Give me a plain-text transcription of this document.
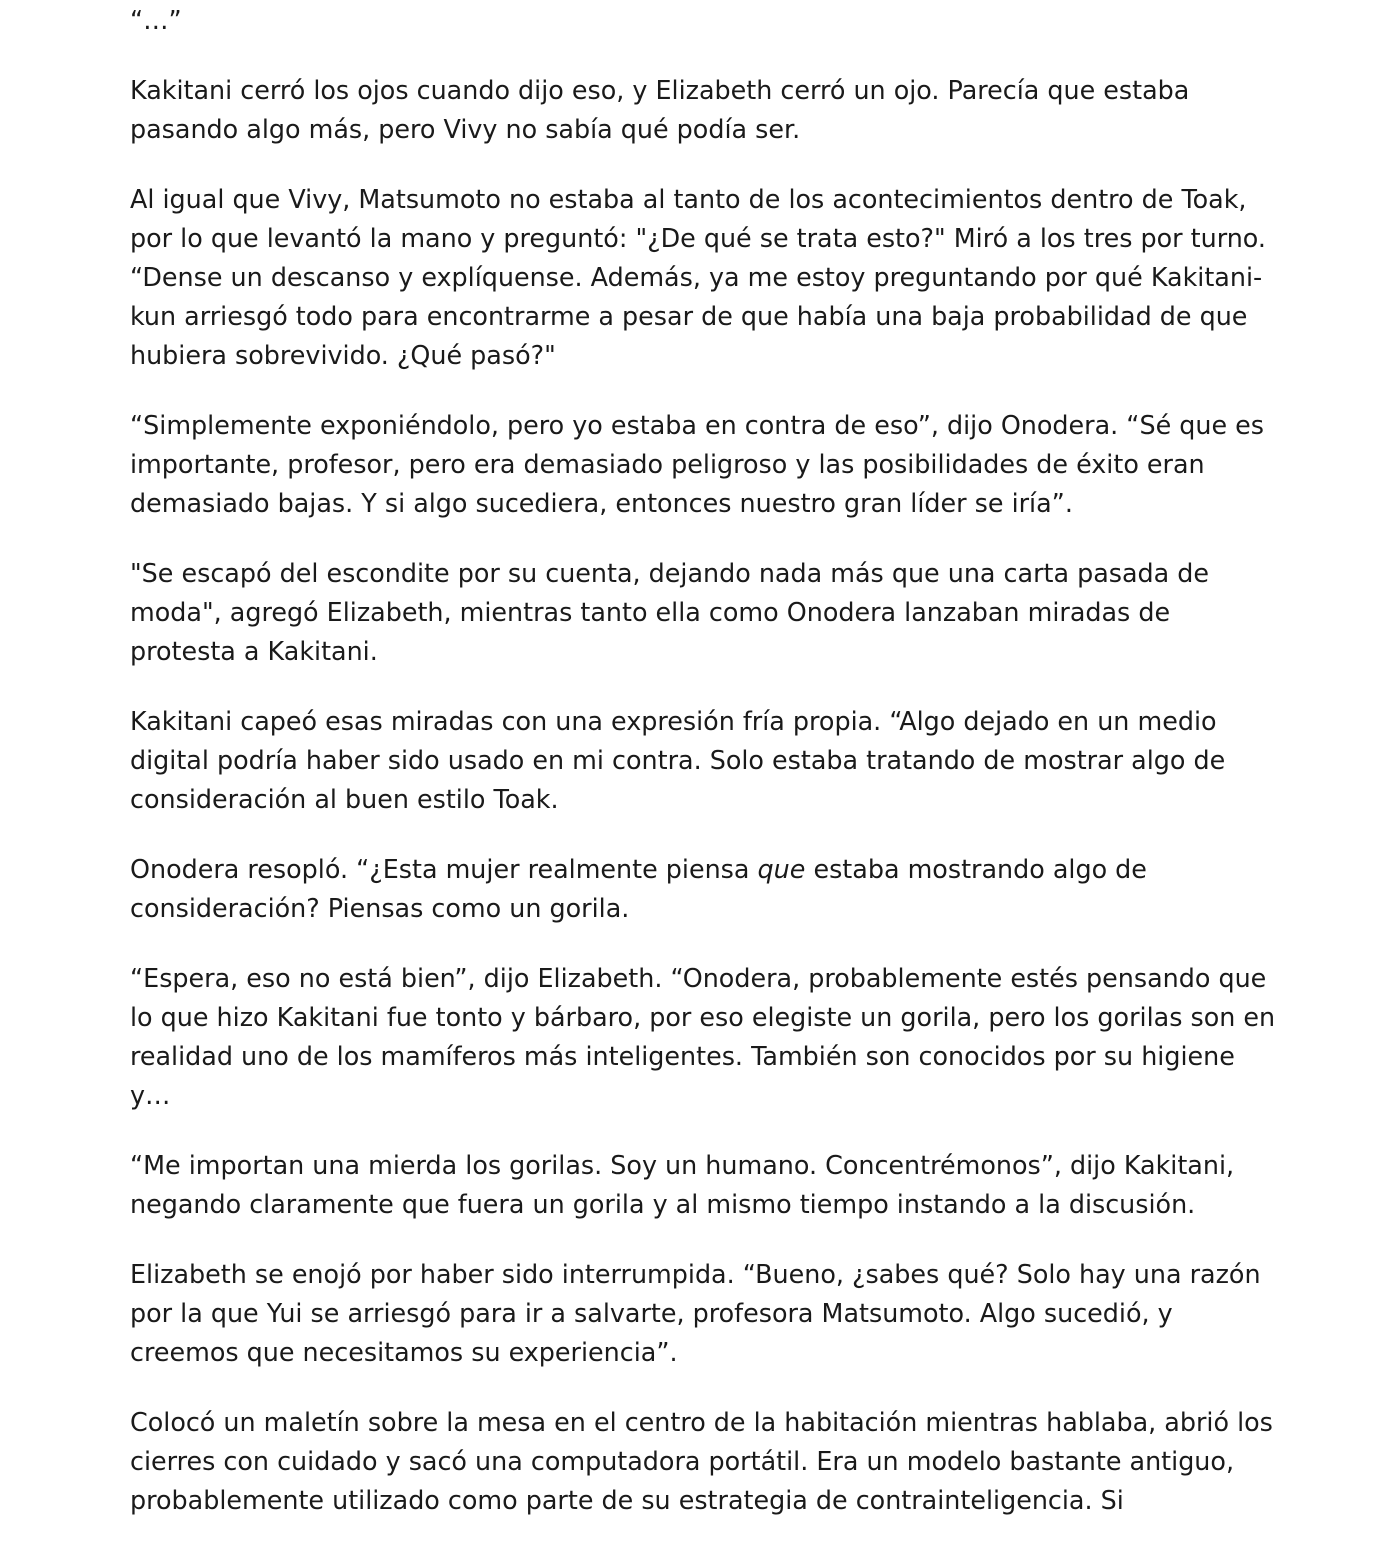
“…”

Kakitani cerró los ojos cuando dijo eso, y Elizabeth cerró un ojo. Parecía que estaba pasando algo más, pero Vivy no sabía qué podía ser.

Al igual que Vivy, Matsumoto no estaba al tanto de los acontecimientos dentro de Toak, por lo que levantó la mano y preguntó: "¿De qué se trata esto?" Miró a los tres por turno. “Dense un descanso y explíquense. Además, ya me estoy preguntando por qué Kakitani-kun arriesgó todo para encontrarme a pesar de que había una baja probabilidad de que hubiera sobrevivido. ¿Qué pasó?"

“Simplemente exponiéndolo, pero yo estaba en contra de eso”, dijo Onodera. “Sé que es importante, profesor, pero era demasiado peligroso y las posibilidades de éxito eran demasiado bajas. Y si algo sucediera, entonces nuestro gran líder se iría”.

"Se escapó del escondite por su cuenta, dejando nada más que una carta pasada de moda", agregó Elizabeth, mientras tanto ella como Onodera lanzaban miradas de protesta a Kakitani.

Kakitani capeó esas miradas con una expresión fría propia. “Algo dejado en un medio digital podría haber sido usado en mi contra. Solo estaba tratando de mostrar algo de consideración al buen estilo Toak.

Onodera resopló. “¿Esta mujer realmente piensa que estaba mostrando algo de consideración? Piensas como un gorila.

“Espera, eso no está bien”, dijo Elizabeth. “Onodera, probablemente estés pensando que lo que hizo Kakitani fue tonto y bárbaro, por eso elegiste un gorila, pero los gorilas son en realidad uno de los mamíferos más inteligentes. También son conocidos por su higiene y…

“Me importan una mierda los gorilas. Soy un humano. Concentrémonos”, dijo Kakitani, negando claramente que fuera un gorila y al mismo tiempo instando a la discusión.

Elizabeth se enojó por haber sido interrumpida. “Bueno, ¿sabes qué? Solo hay una razón por la que Yui se arriesgó para ir a salvarte, profesora Matsumoto. Algo sucedió, y creemos que necesitamos su experiencia”.

Colocó un maletín sobre la mesa en el centro de la habitación mientras hablaba, abrió los cierres con cuidado y sacó una computadora portátil. Era un modelo bastante antiguo, probablemente utilizado como parte de su estrategia de contrainteligencia. Si
